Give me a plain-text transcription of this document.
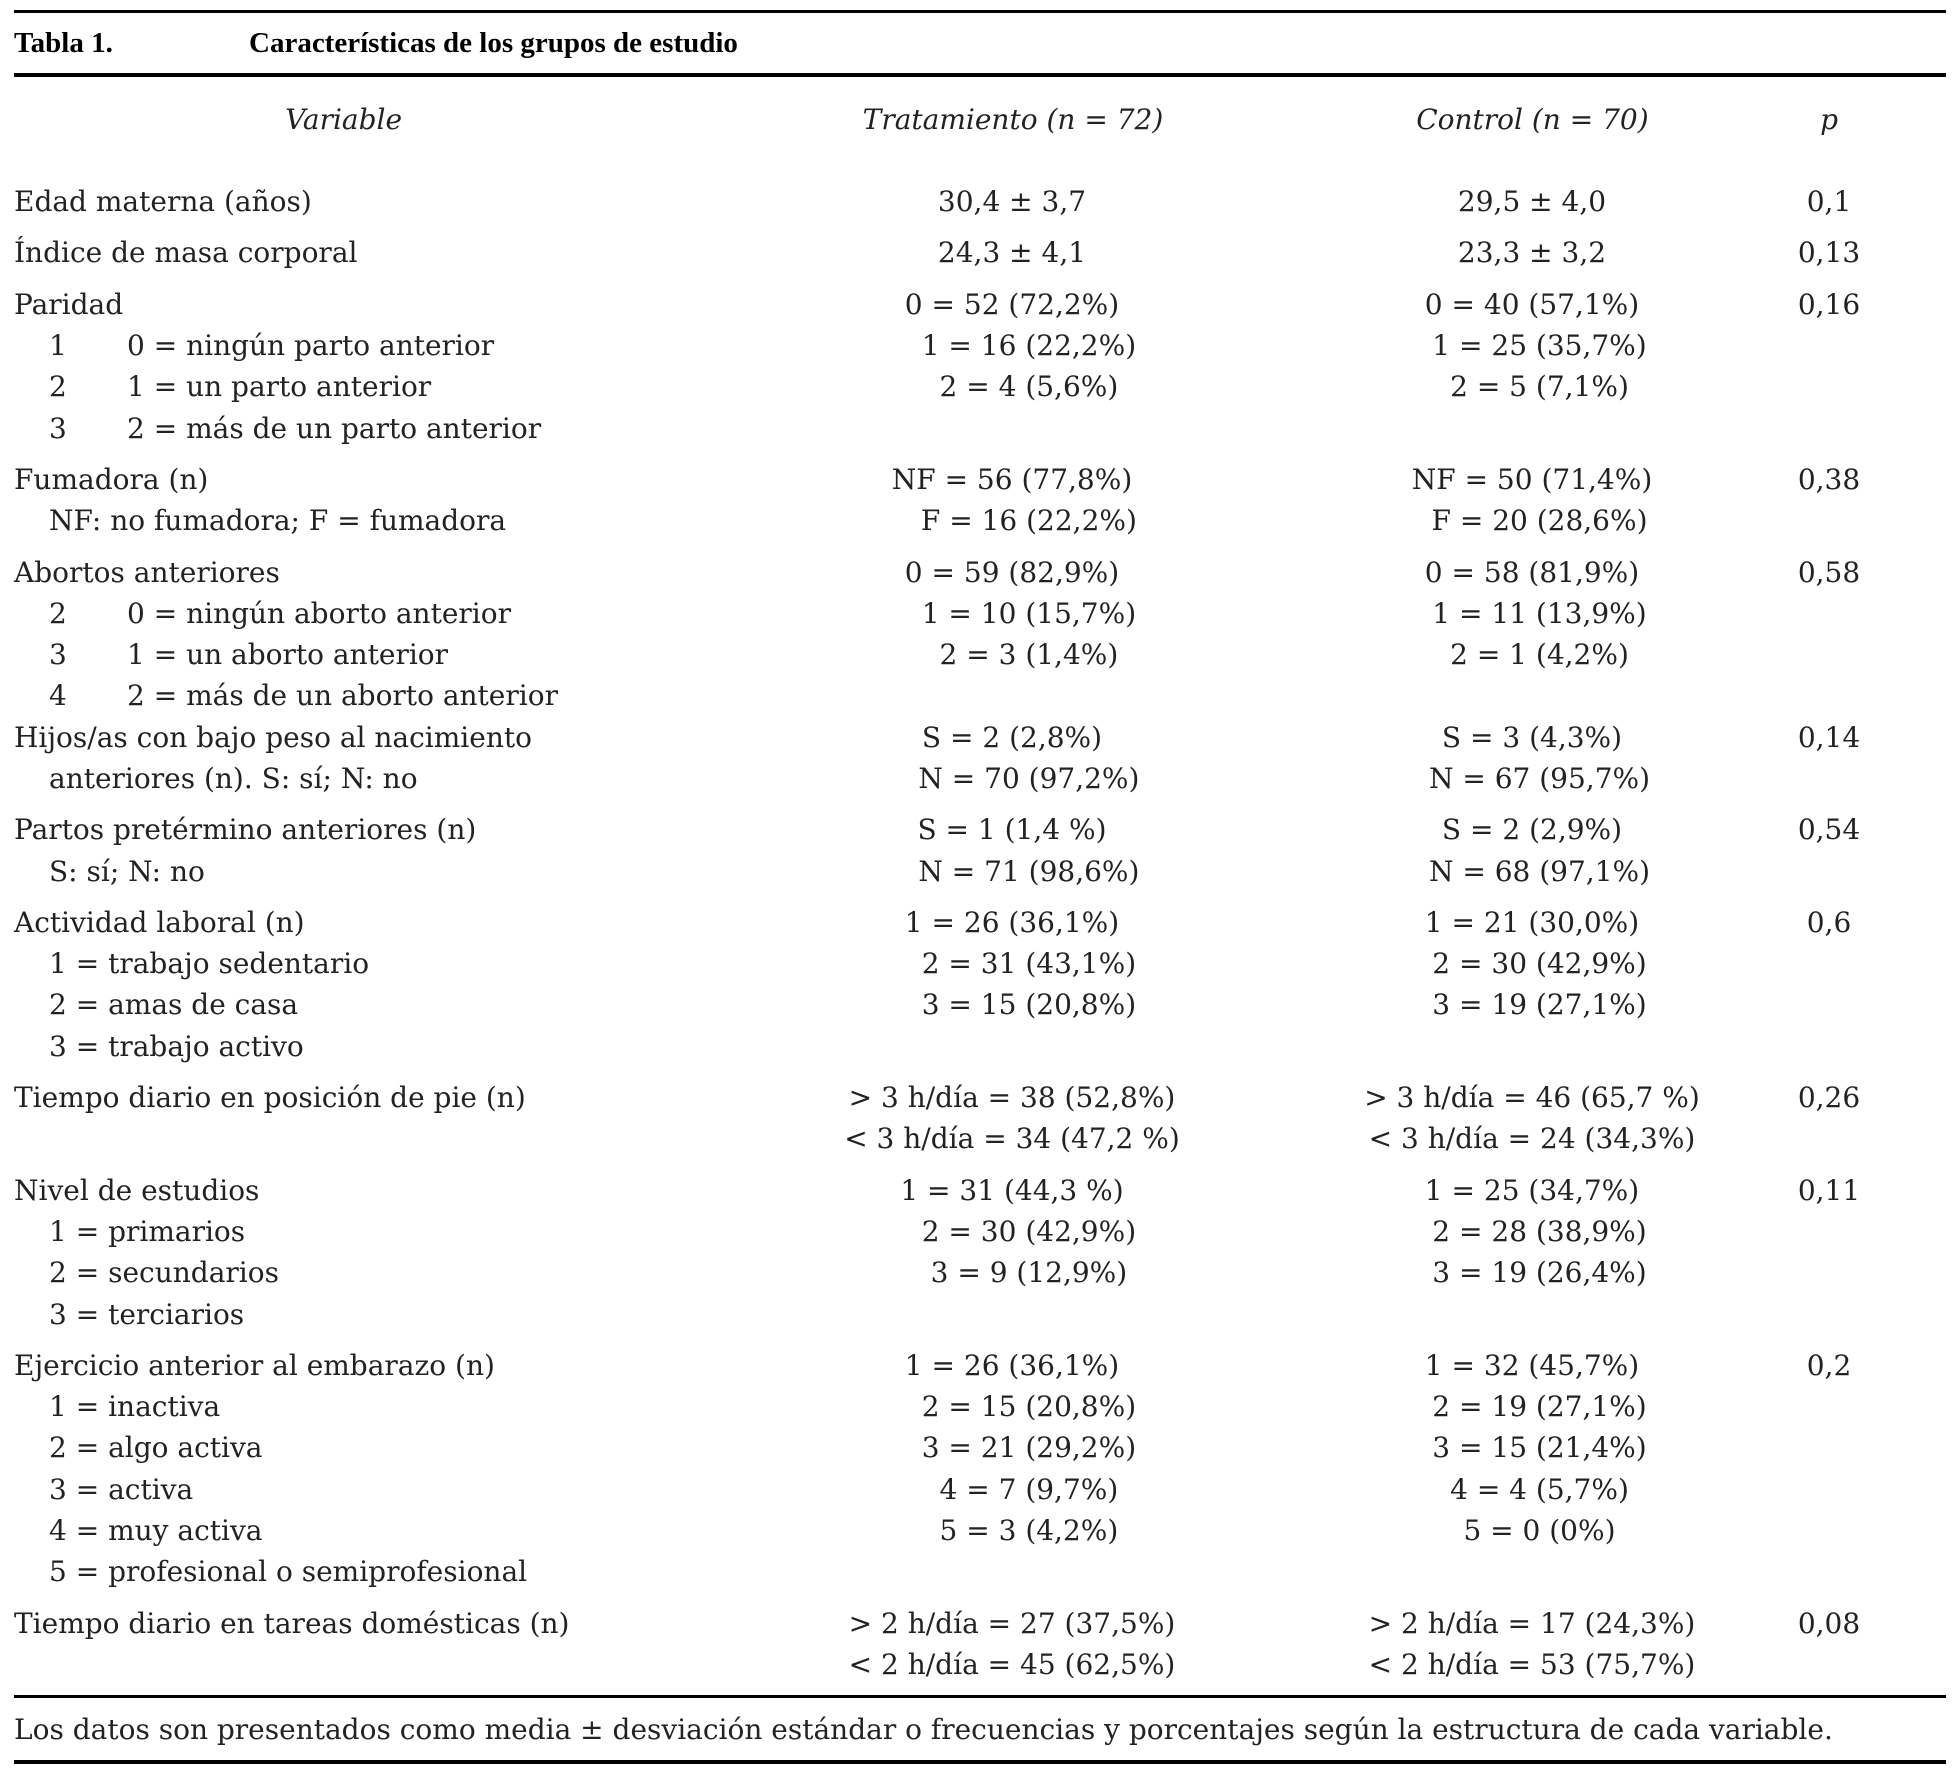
Tabla 1.	Características de los grupos de estudio
Variable	Tratamiento (n = 72)	Control (n = 70)	p
Edad materna (años)	30,4 ± 3,7	29,5 ± 4,0	0,1
Índice de masa corporal	24,3 ± 4,1	23,3 ± 3,2	0,13
Paridad	0 = 52 (72,2%)	0 = 40 (57,1%)	0,16
1 0 = ningún parto anterior	1 = 16 (22,2%)	1 = 25 (35,7%)
2 1 = un parto anterior	2 = 4 (5,6%)	2 = 5 (7,1%)
3 2 = más de un parto anterior
Fumadora (n)	NF = 56 (77,8%)	NF = 50 (71,4%)	0,38
NF: no fumadora; F = fumadora	F = 16 (22,2%)	F = 20 (28,6%)
Abortos anteriores	0 = 59 (82,9%)	0 = 58 (81,9%)	0,58
2 0 = ningún aborto anterior	1 = 10 (15,7%)	1 = 11 (13,9%)
3 1 = un aborto anterior	2 = 3 (1,4%)	2 = 1 (4,2%)
4 2 = más de un aborto anterior
Hijos/as con bajo peso al nacimiento	S = 2 (2,8%)	S = 3 (4,3%)	0,14
anteriores (n). S: sí; N: no	N = 70 (97,2%)	N = 67 (95,7%)
Partos pretérmino anteriores (n)	S = 1 (1,4 %)	S = 2 (2,9%)	0,54
S: sí; N: no	N = 71 (98,6%)	N = 68 (97,1%)
Actividad laboral (n)	1 = 26 (36,1%)	1 = 21 (30,0%)	0,6
1 = trabajo sedentario	2 = 31 (43,1%)	2 = 30 (42,9%)
2 = amas de casa	3 = 15 (20,8%)	3 = 19 (27,1%)
3 = trabajo activo
Tiempo diario en posición de pie (n)	> 3 h/día = 38 (52,8%)	> 3 h/día = 46 (65,7 %)	0,26
< 3 h/día = 34 (47,2 %)	< 3 h/día = 24 (34,3%)
Nivel de estudios	1 = 31 (44,3 %)	1 = 25 (34,7%)	0,11
1 = primarios	2 = 30 (42,9%)	2 = 28 (38,9%)
2 = secundarios	3 = 9 (12,9%)	3 = 19 (26,4%)
3 = terciarios
Ejercicio anterior al embarazo (n)	1 = 26 (36,1%)	1 = 32 (45,7%)	0,2
1 = inactiva	2 = 15 (20,8%)	2 = 19 (27,1%)
2 = algo activa	3 = 21 (29,2%)	3 = 15 (21,4%)
3 = activa	4 = 7 (9,7%)	4 = 4 (5,7%)
4 = muy activa	5 = 3 (4,2%)	5 = 0 (0%)
5 = profesional o semiprofesional
Tiempo diario en tareas domésticas (n)	> 2 h/día = 27 (37,5%)	> 2 h/día = 17 (24,3%)	0,08
< 2 h/día = 45 (62,5%)	< 2 h/día = 53 (75,7%)
Los datos son presentados como media ± desviación estándar o frecuencias y porcentajes según la estructura de cada variable.
